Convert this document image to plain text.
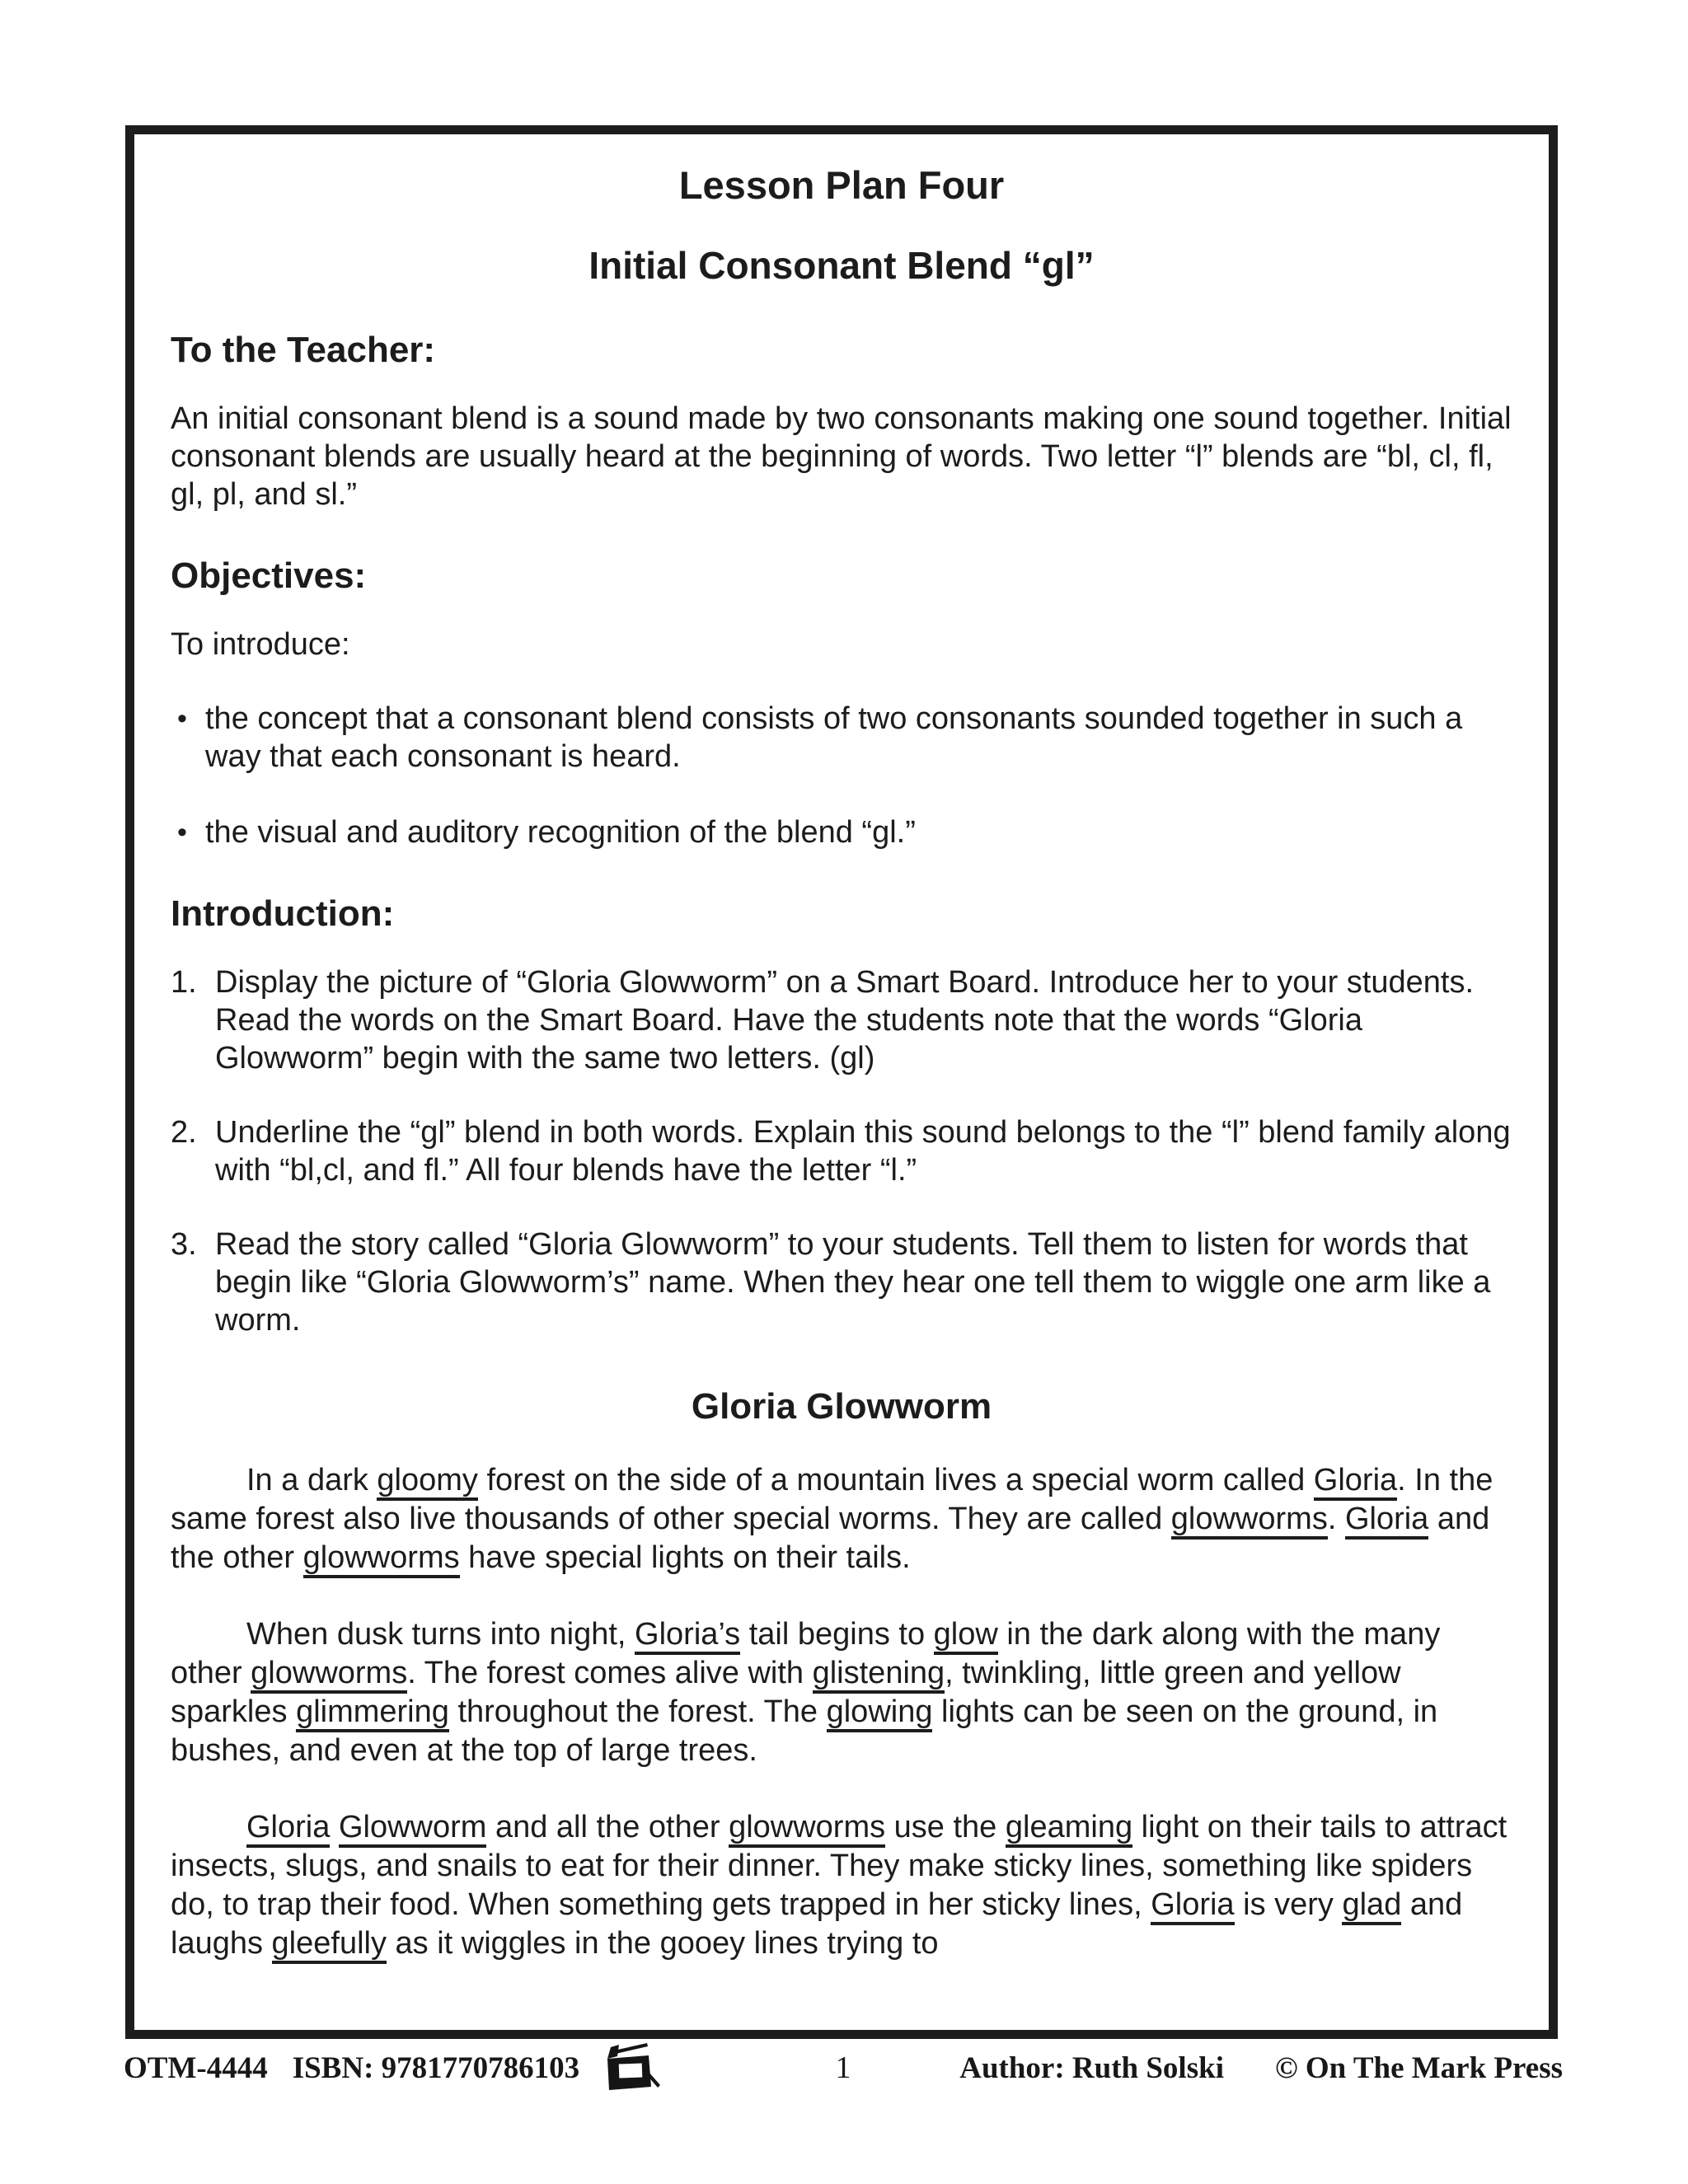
Lesson Plan Four
Initial Consonant Blend “gl”
To the Teacher:

An initial consonant blend is a sound made by two consonants making one sound together. Initial consonant blends are usually heard at the beginning of words. Two letter “l” blends are “bl, cl, fl, gl, pl, and sl.”

Objectives:

To introduce:

• the concept that a consonant blend consists of two consonants sounded together in such a way that each consonant is heard.
• the visual and auditory recognition of the blend “gl.”
Introduction:
1. Display the picture of “Gloria Glowworm” on a Smart Board. Introduce her to your students. Read the words on the Smart Board. Have the students note that the words “Gloria Glowworm” begin with the same two letters. (gl)
2. Underline the “gl” blend in both words. Explain this sound belongs to the “l” blend family along with “bl,cl, and fl.” All four blends have the letter “l.”
3. Read the story called “Gloria Glowworm” to your students. Tell them to listen for words that begin like “Gloria Glowworm’s” name. When they hear one tell them to wiggle one arm like a worm.
Gloria Glowworm

In a dark gloomy forest on the side of a mountain lives a special worm called Gloria. In the same forest also live thousands of other special worms. They are called glowworms. Gloria and the other glowworms have special lights on their tails.

When dusk turns into night, Gloria’s tail begins to glow in the dark along with the many other glowworms. The forest comes alive with glistening, twinkling, little green and yellow sparkles glimmering throughout the forest. The glowing lights can be seen on the ground, in bushes, and even at the top of large trees.

Gloria Glowworm and all the other glowworms use the gleaming light on their tails to attract insects, slugs, and snails to eat for their dinner. They make sticky lines, something like spiders do, to trap their food. When something gets trapped in her sticky lines, Gloria is very glad and laughs gleefully as it wiggles in the gooey lines trying to

OTM-4444 ISBN: 9781770786103	1	Author: Ruth Solski © On The Mark Press
